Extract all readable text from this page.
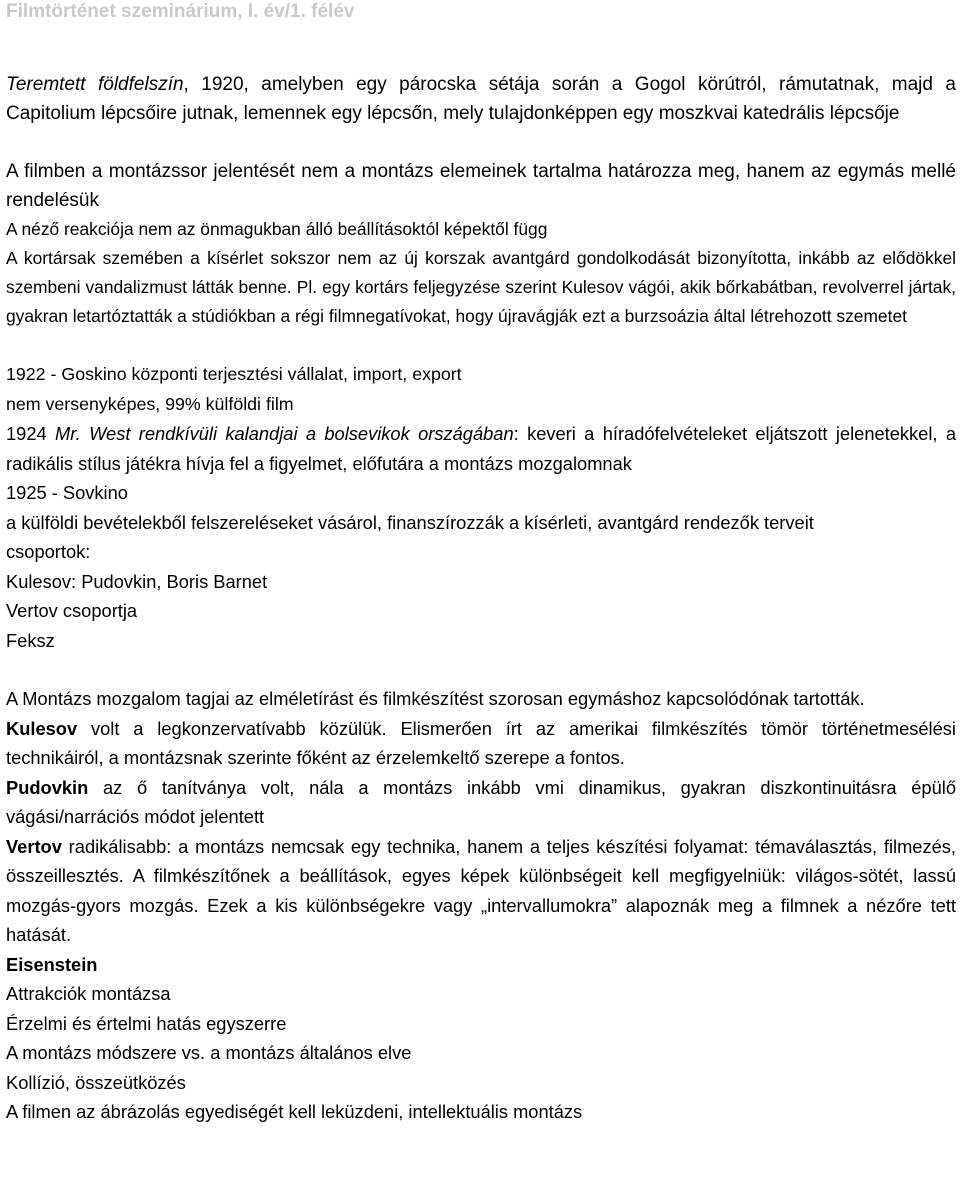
Filmtörténet szeminárium, I. év/1. félév

Teremtett földfelszín, 1920, amelyben egy párocska sétája során a Gogol körútról, rámutatnak, majd a Capitolium lépcsőire jutnak, lemennek egy lépcsőn, mely tulajdonképpen egy moszkvai katedrális lépcsője

A filmben a montázssor jelentését nem a montázs elemeinek tartalma határozza meg, hanem az egymás mellé rendelésük

A néző reakciója nem az önmagukban álló beállításoktól képektől függ

A kortársak szemében a kísérlet sokszor nem az új korszak avantgárd gondolkodását bizonyította, inkább az elődökkel szembeni vandalizmust látták benne. Pl. egy kortárs feljegyzése szerint Kulesov vágói, akik bőrkabátban, revolverrel jártak, gyakran letartóztatták a stúdiókban a régi filmnegatívokat, hogy újravágják ezt a burzsoázia által létrehozott szemetet

1922 - Goskino központi terjesztési vállalat, import, export

nem versenyképes, 99% külföldi film

1924 Mr. West rendkívüli kalandjai a bolsevikok országában: keveri a híradófelvételeket eljátszott jelenetekkel, a radikális stílus játékra hívja fel a figyelmet, előfutára a montázs mozgalomnak

1925 - Sovkino

a külföldi bevételekből felszereléseket vásárol, finanszírozzák a kísérleti, avantgárd rendezők terveit

csoportok:

Kulesov: Pudovkin, Boris Barnet

Vertov csoportja

Feksz

A Montázs mozgalom tagjai az elméletírást és filmkészítést szorosan egymáshoz kapcsolódónak tartották.

Kulesov volt a legkonzervatívabb közülük. Elismerően írt az amerikai filmkészítés tömör történetmesélési technikáiról, a montázsnak szerinte főként az érzelemkeltő szerepe a fontos.

Pudovkin az ő tanítványa volt, nála a montázs inkább vmi dinamikus, gyakran diszkontinuitásra épülő vágási/narrációs módot jelentett

Vertov radikálisabb: a montázs nemcsak egy technika, hanem a teljes készítési folyamat: témaválasztás, filmezés, összeillesztés. A filmkészítőnek a beállítások, egyes képek különbségeit kell megfigyelniük: világos-sötét, lassú mozgás-gyors mozgás. Ezek a kis különbségekre vagy „intervallumokra” alapoznák meg a filmnek a nézőre tett hatását.

Eisenstein

Attrakciók montázsa

Érzelmi és értelmi hatás egyszerre

A montázs módszere vs. a montázs általános elve

Kollízió, összeütközés

A filmen az ábrázolás egyediségét kell leküzdeni, intellektuális montázs
